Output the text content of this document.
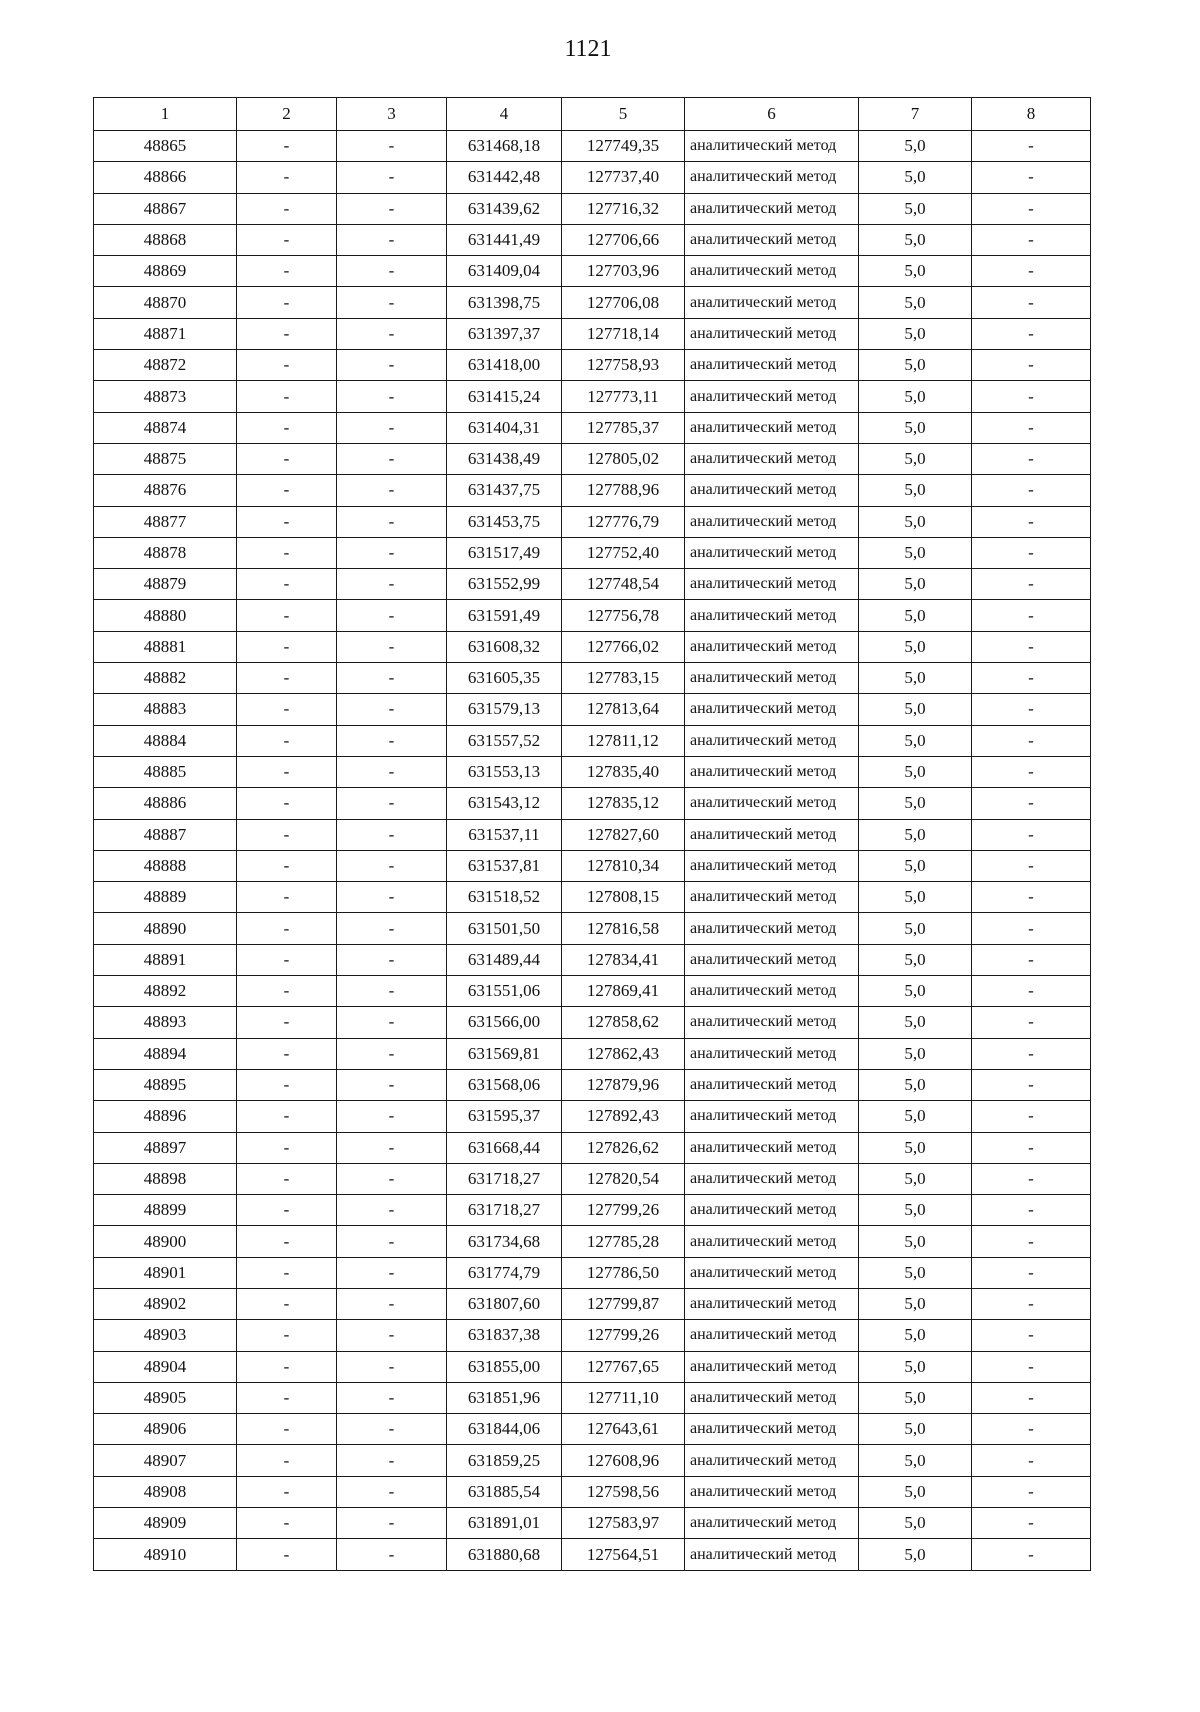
1121
1	2	3	4	5	6	7	8
48865	-	-	631468,18	127749,35	аналитический метод	5,0	-
48866	-	-	631442,48	127737,40	аналитический метод	5,0	-
48867	-	-	631439,62	127716,32	аналитический метод	5,0	-
48868	-	-	631441,49	127706,66	аналитический метод	5,0	-
48869	-	-	631409,04	127703,96	аналитический метод	5,0	-
48870	-	-	631398,75	127706,08	аналитический метод	5,0	-
48871	-	-	631397,37	127718,14	аналитический метод	5,0	-
48872	-	-	631418,00	127758,93	аналитический метод	5,0	-
48873	-	-	631415,24	127773,11	аналитический метод	5,0	-
48874	-	-	631404,31	127785,37	аналитический метод	5,0	-
48875	-	-	631438,49	127805,02	аналитический метод	5,0	-
48876	-	-	631437,75	127788,96	аналитический метод	5,0	-
48877	-	-	631453,75	127776,79	аналитический метод	5,0	-
48878	-	-	631517,49	127752,40	аналитический метод	5,0	-
48879	-	-	631552,99	127748,54	аналитический метод	5,0	-
48880	-	-	631591,49	127756,78	аналитический метод	5,0	-
48881	-	-	631608,32	127766,02	аналитический метод	5,0	-
48882	-	-	631605,35	127783,15	аналитический метод	5,0	-
48883	-	-	631579,13	127813,64	аналитический метод	5,0	-
48884	-	-	631557,52	127811,12	аналитический метод	5,0	-
48885	-	-	631553,13	127835,40	аналитический метод	5,0	-
48886	-	-	631543,12	127835,12	аналитический метод	5,0	-
48887	-	-	631537,11	127827,60	аналитический метод	5,0	-
48888	-	-	631537,81	127810,34	аналитический метод	5,0	-
48889	-	-	631518,52	127808,15	аналитический метод	5,0	-
48890	-	-	631501,50	127816,58	аналитический метод	5,0	-
48891	-	-	631489,44	127834,41	аналитический метод	5,0	-
48892	-	-	631551,06	127869,41	аналитический метод	5,0	-
48893	-	-	631566,00	127858,62	аналитический метод	5,0	-
48894	-	-	631569,81	127862,43	аналитический метод	5,0	-
48895	-	-	631568,06	127879,96	аналитический метод	5,0	-
48896	-	-	631595,37	127892,43	аналитический метод	5,0	-
48897	-	-	631668,44	127826,62	аналитический метод	5,0	-
48898	-	-	631718,27	127820,54	аналитический метод	5,0	-
48899	-	-	631718,27	127799,26	аналитический метод	5,0	-
48900	-	-	631734,68	127785,28	аналитический метод	5,0	-
48901	-	-	631774,79	127786,50	аналитический метод	5,0	-
48902	-	-	631807,60	127799,87	аналитический метод	5,0	-
48903	-	-	631837,38	127799,26	аналитический метод	5,0	-
48904	-	-	631855,00	127767,65	аналитический метод	5,0	-
48905	-	-	631851,96	127711,10	аналитический метод	5,0	-
48906	-	-	631844,06	127643,61	аналитический метод	5,0	-
48907	-	-	631859,25	127608,96	аналитический метод	5,0	-
48908	-	-	631885,54	127598,56	аналитический метод	5,0	-
48909	-	-	631891,01	127583,97	аналитический метод	5,0	-
48910	-	-	631880,68	127564,51	аналитический метод	5,0	-
